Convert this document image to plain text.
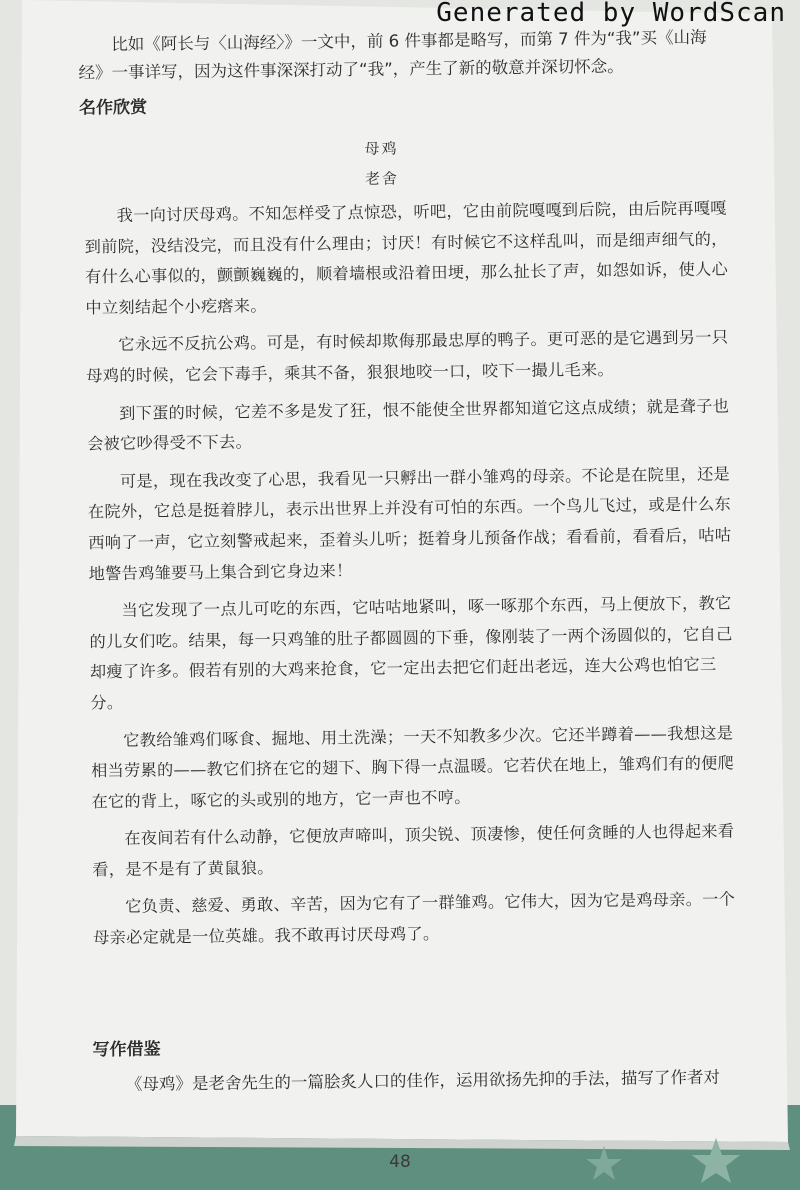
Generated by WordScan

比如《阿长与〈山海经〉》一文中，前 6 件事都是略写，而第 7 件为“我”买《山海经》一事详写，因为这件事深深打动了“我”，产生了新的敬意并深切怀念。

名作欣赏
母鸡
老舍

我一向讨厌母鸡。不知怎样受了点惊恐，听吧，它由前院嘎嘎到后院，由后院再嘎嘎到前院，没结没完，而且没有什么理由；讨厌！有时候它不这样乱叫，而是细声细气的，有什么心事似的，颤颤巍巍的，顺着墙根或沿着田埂，那么扯长了声，如怨如诉，使人心中立刻结起个小疙瘩来。

它永远不反抗公鸡。可是，有时候却欺侮那最忠厚的鸭子。更可恶的是它遇到另一只母鸡的时候，它会下毒手，乘其不备，狠狠地咬一口，咬下一撮儿毛来。

到下蛋的时候，它差不多是发了狂，恨不能使全世界都知道它这点成绩；就是聋子也会被它吵得受不下去。

可是，现在我改变了心思，我看见一只孵出一群小雏鸡的母亲。不论是在院里，还是在院外，它总是挺着脖儿，表示出世界上并没有可怕的东西。一个鸟儿飞过，或是什么东西响了一声，它立刻警戒起来，歪着头儿听；挺着身儿预备作战；看看前，看看后，咕咕地警告鸡雏要马上集合到它身边来！

当它发现了一点儿可吃的东西，它咕咕地紧叫，啄一啄那个东西，马上便放下，教它的儿女们吃。结果，每一只鸡雏的肚子都圆圆的下垂，像刚装了一两个汤圆似的，它自己却瘦了许多。假若有别的大鸡来抢食，它一定出去把它们赶出老远，连大公鸡也怕它三分。

它教给雏鸡们啄食、掘地、用土洗澡；一天不知教多少次。它还半蹲着——我想这是相当劳累的——教它们挤在它的翅下、胸下得一点温暖。它若伏在地上，雏鸡们有的便爬在它的背上，啄它的头或别的地方，它一声也不哼。

在夜间若有什么动静，它便放声啼叫，顶尖锐、顶凄惨，使任何贪睡的人也得起来看看，是不是有了黄鼠狼。

它负责、慈爱、勇敢、辛苦，因为它有了一群雏鸡。它伟大，因为它是鸡母亲。一个母亲必定就是一位英雄。我不敢再讨厌母鸡了。

写作借鉴

《母鸡》是老舍先生的一篇脍炙人口的佳作，运用欲扬先抑的手法，描写了作者对

48
